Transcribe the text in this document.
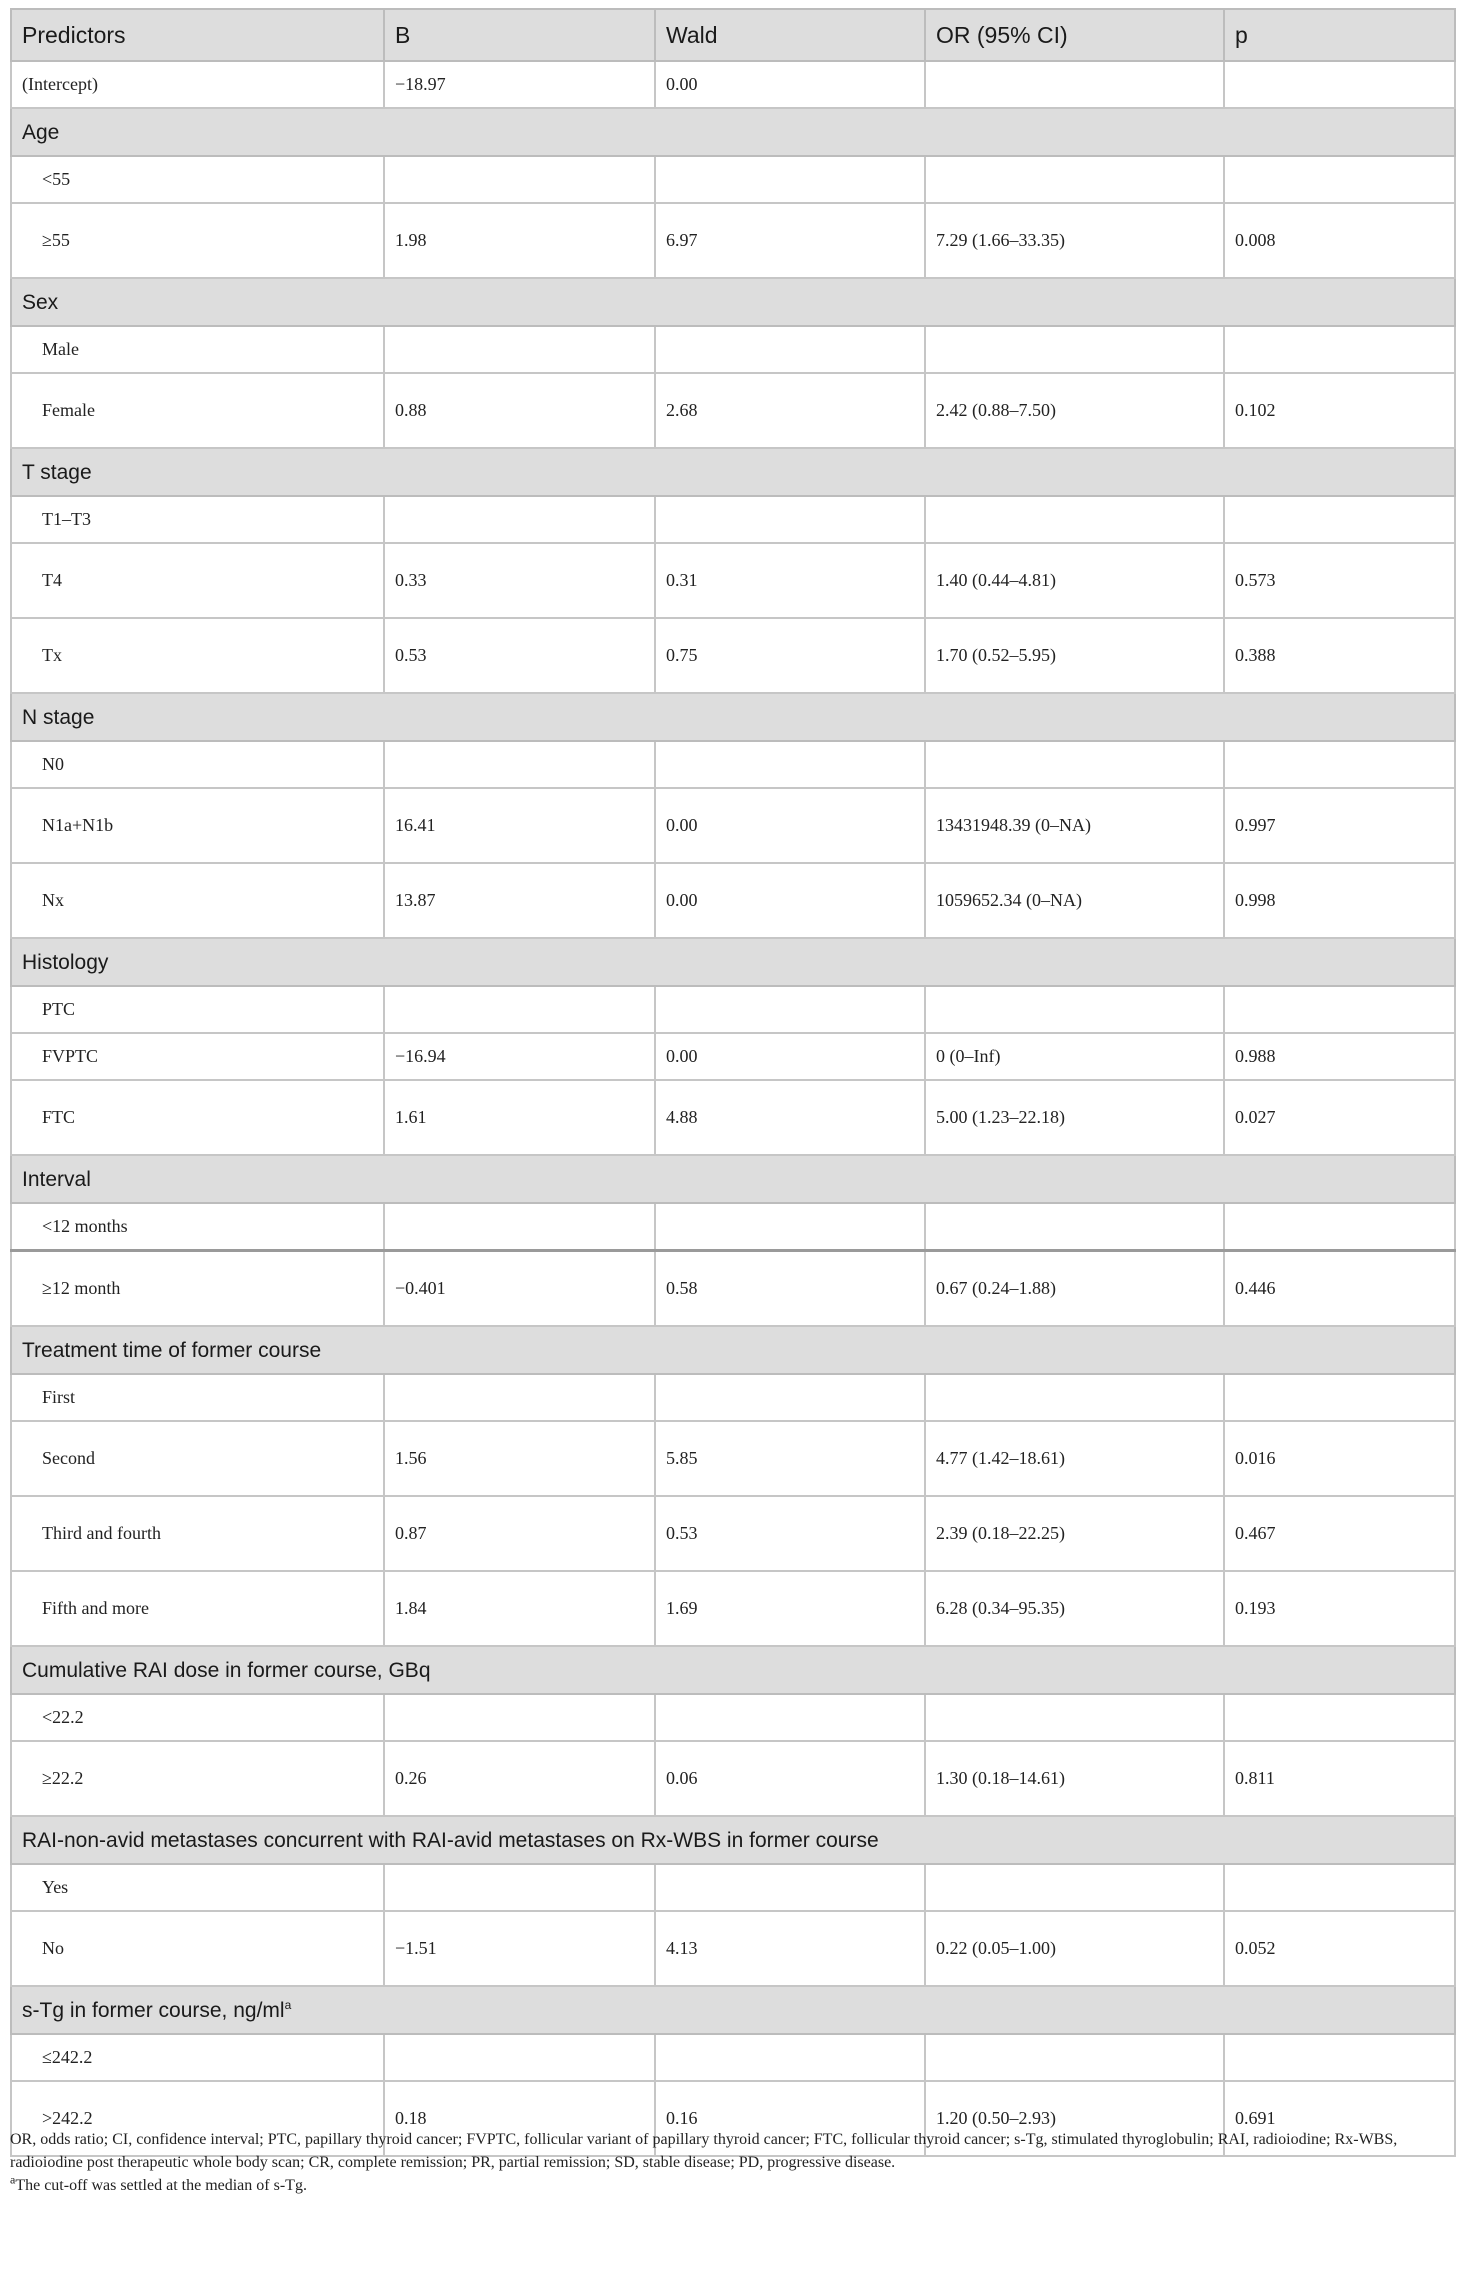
Predictors	B	Wald	OR (95% CI)	p
(Intercept)	−18.97	0.00		
Age				
<55				
≥55	1.98	6.97	7.29 (1.66–33.35)	0.008
Sex				
Male				
Female	0.88	2.68	2.42 (0.88–7.50)	0.102
T stage				
T1–T3				
T4	0.33	0.31	1.40 (0.44–4.81)	0.573
Tx	0.53	0.75	1.70 (0.52–5.95)	0.388
N stage				
N0				
N1a+N1b	16.41	0.00	13431948.39 (0–NA)	0.997
Nx	13.87	0.00	1059652.34 (0–NA)	0.998
Histology				
PTC				
FVPTC	−16.94	0.00	0 (0–Inf)	0.988
FTC	1.61	4.88	5.00 (1.23–22.18)	0.027
Interval				
<12 months				
≥12 month	−0.401	0.58	0.67 (0.24–1.88)	0.446
Treatment time of former course				
First				
Second	1.56	5.85	4.77 (1.42–18.61)	0.016
Third and fourth	0.87	0.53	2.39 (0.18–22.25)	0.467
Fifth and more	1.84	1.69	6.28 (0.34–95.35)	0.193
Cumulative RAI dose in former course, GBq				
<22.2				
≥22.2	0.26	0.06	1.30 (0.18–14.61)	0.811
RAI-non-avid metastases concurrent with RAI-avid metastases on Rx-WBS in former course				
Yes				
No	−1.51	4.13	0.22 (0.05–1.00)	0.052
s-Tg in former course, $ng/ml^a$
≤242.2				
>242.2	0.18	0.16	1.20 (0.50–2.93)	0.691

OR, odds ratio; CI, confidence interval; PTC, papillary thyroid cancer; FVPTC, follicular variant of papillary thyroid cancer; FTC, follicular thyroid cancer; s-Tg, stimulated thyroglobulin; RAI, radioiodine; Rx-WBS, radioiodine post therapeutic whole body scan; CR, complete remission; PR, partial remission; SD, stable disease; PD, progressive disease.

$^a$The cut-off was settled at the median of s-Tg.
